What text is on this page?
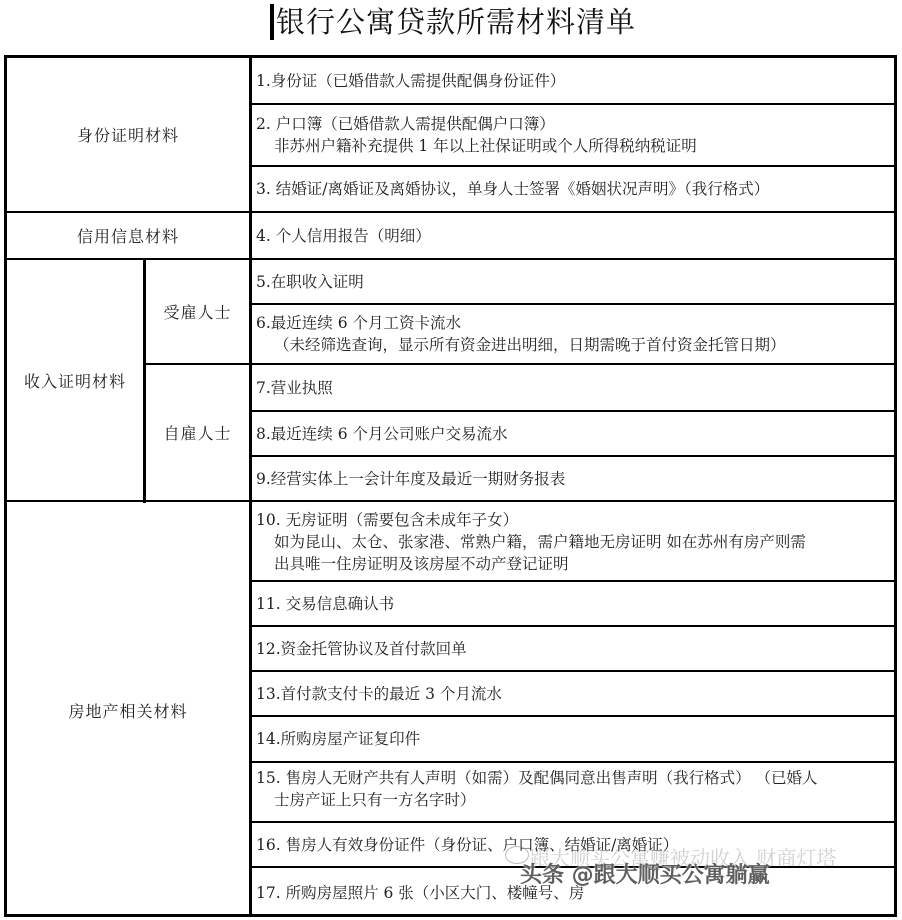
银行公寓贷款所需材料清单
身份证明材料
信用信息材料
收入证明材料
受雇人士
自雇人士
房地产相关材料
1.身份证（已婚借款人需提供配偶身份证件）
2. 户口簿（已婚借款人需提供配偶户口簿）
非苏州户籍补充提供 1 年以上社保证明或个人所得税纳税证明
3. 结婚证/离婚证及离婚协议，单身人士签署《婚姻状况声明》（我行格式）
4. 个人信用报告（明细）
5.在职收入证明
6.最近连续 6 个月工资卡流水
（未经筛选查询，显示所有资金进出明细，日期需晚于首付资金托管日期）
7.营业执照
8.最近连续 6 个月公司账户交易流水
9.经营实体上一会计年度及最近一期财务报表
10. 无房证明（需要包含未成年子女）
如为昆山、太仓、张家港、常熟户籍，需户籍地无房证明 如在苏州有房产则需
出具唯一住房证明及该房屋不动产登记证明
11. 交易信息确认书
12.资金托管协议及首付款回单
13.首付款支付卡的最近 3 个月流水
14.所购房屋产证复印件
15. 售房人无财产共有人声明（如需）及配偶同意出售声明（我行格式） （已婚人
士房产证上只有一方名字时）
16. 售房人有效身份证件（身份证、户口簿、结婚证/离婚证）
17. 所购房屋照片 6 张（小区大门、楼幢号、房
跟大顺买公寓赚被动收入 财商灯塔
头条 @跟大顺买公寓躺赢
